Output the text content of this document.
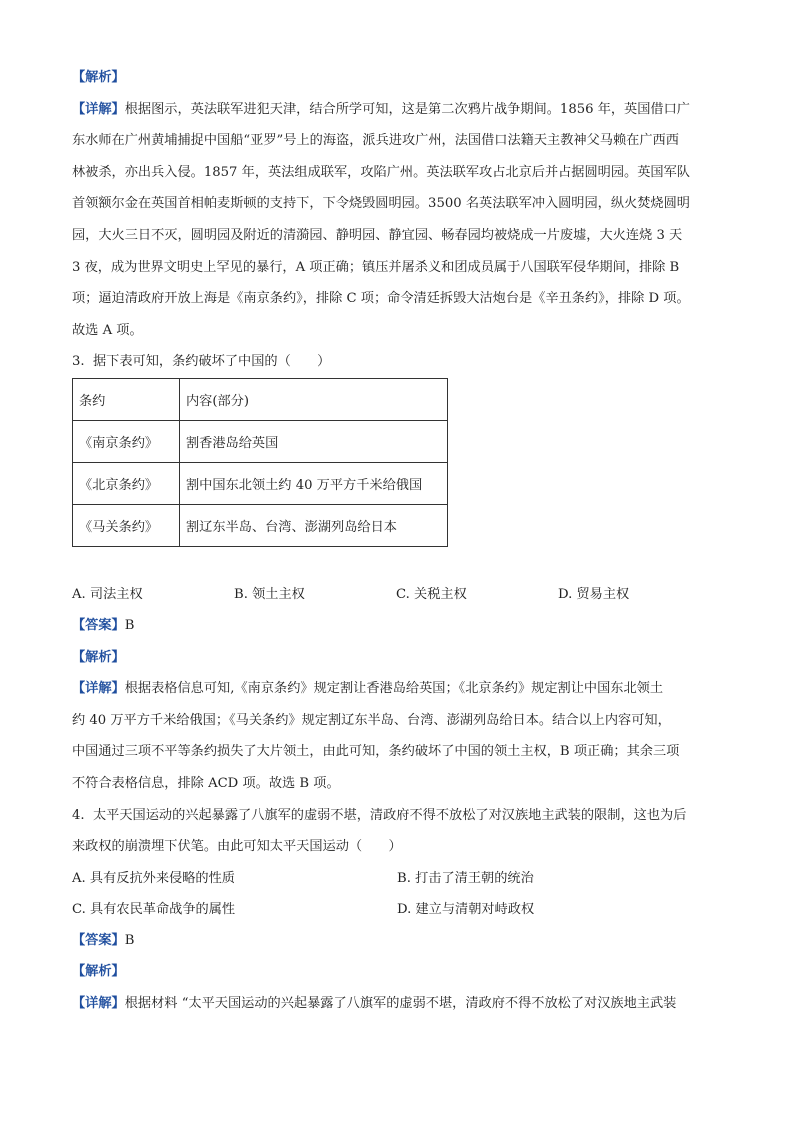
【解析】
【详解】根据图示，英法联军进犯天津，结合所学可知，这是第二次鸦片战争期间。1856 年，英国借口广
东水师在广州黄埔捕捉中国船“亚罗”号上的海盗，派兵进攻广州，法国借口法籍天主教神父马赖在广西西
林被杀，亦出兵入侵。1857 年，英法组成联军，攻陷广州。英法联军攻占北京后并占据圆明园。英国军队
首领额尔金在英国首相帕麦斯顿的支持下，下令烧毁圆明园。3500 名英法联军冲入圆明园，纵火焚烧圆明
园，大火三日不灭，圆明园及附近的清漪园、静明园、静宜园、畅春园均被烧成一片废墟，大火连烧 3 天
3 夜，成为世界文明史上罕见的暴行，A 项正确；镇压并屠杀义和团成员属于八国联军侵华期间，排除 B
项；逼迫清政府开放上海是《南京条约》，排除 C 项；命令清廷拆毁大沽炮台是《辛丑条约》，排除 D 项。
故选 A 项。
3.  据下表可知，条约破坏了中国的（　　）
条约	内容(部分)
《南京条约》	割香港岛给英国
《北京条约》	割中国东北领土约 40 万平方千米给俄国
《马关条约》	割辽东半岛、台湾、澎湖列岛给日本
A. 司法主权	B. 领土主权	C. 关税主权	D. 贸易主权
【答案】B
【解析】
【详解】根据表格信息可知,《南京条约》规定割让香港岛给英国；《北京条约》规定割让中国东北领土
约 40 万平方千米给俄国；《马关条约》规定割辽东半岛、台湾、澎湖列岛给日本。结合以上内容可知，
中国通过三项不平等条约损失了大片领土，由此可知，条约破坏了中国的领土主权，B 项正确；其余三项
不符合表格信息，排除 ACD 项。故选 B 项。
4.  太平天国运动的兴起暴露了八旗军的虚弱不堪，清政府不得不放松了对汉族地主武装的限制，这也为后
来政权的崩溃埋下伏笔。由此可知太平天国运动（　　）
A. 具有反抗外来侵略的性质	B. 打击了清王朝的统治
C. 具有农民革命战争的属性	D. 建立与清朝对峙政权
【答案】B
【解析】
【详解】根据材料 “太平天国运动的兴起暴露了八旗军的虚弱不堪，清政府不得不放松了对汉族地主武装
